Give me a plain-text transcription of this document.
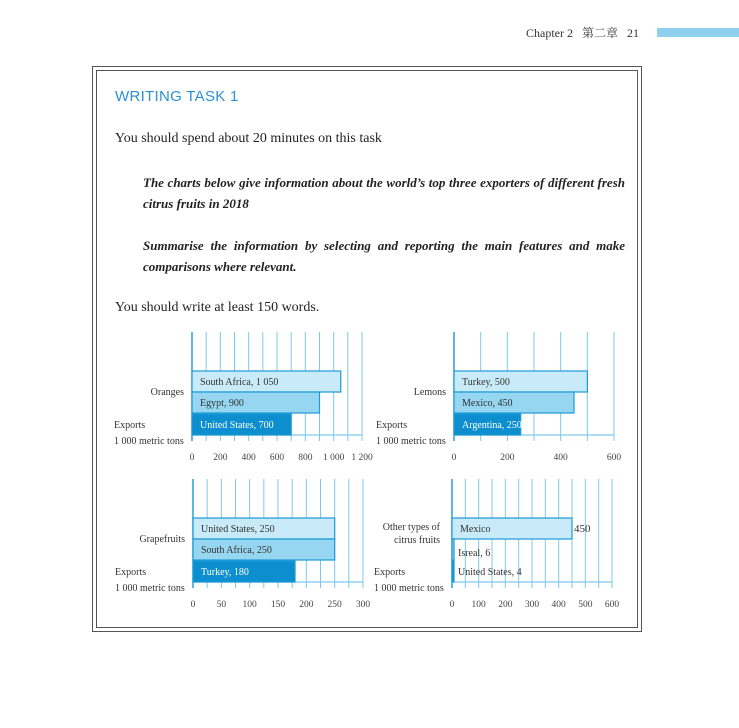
Chapter 2 第二章 21
WRITING TASK 1
You should spend about 20 minutes on this task
The charts below give information about the world’s top three exporters of different fresh citrus fruits in 2018
Summarise the information by selecting and reporting the main features and make comparisons where relevant.
You should write at least 150 words.
0 200 400 600 800 1 000 1 200
South Africa, 1 050
Egypt, 900
United States, 700
Oranges
Exports
1 000 metric tons
0	200	400	600
Turkey, 500
Mexico, 450
Argentina, 250
Lemons
Exports
1 000 metric tons
0 50 100 150 200 250 300
United States, 250
South Africa, 250
Turkey, 180
Grapefruits
Exports
1 000 metric tons
0 100 200 300 400 500 600
Mexico	450
Isreal, 6
United States, 4
Other types of
citrus fruits
Exports
1 000 metric tons
